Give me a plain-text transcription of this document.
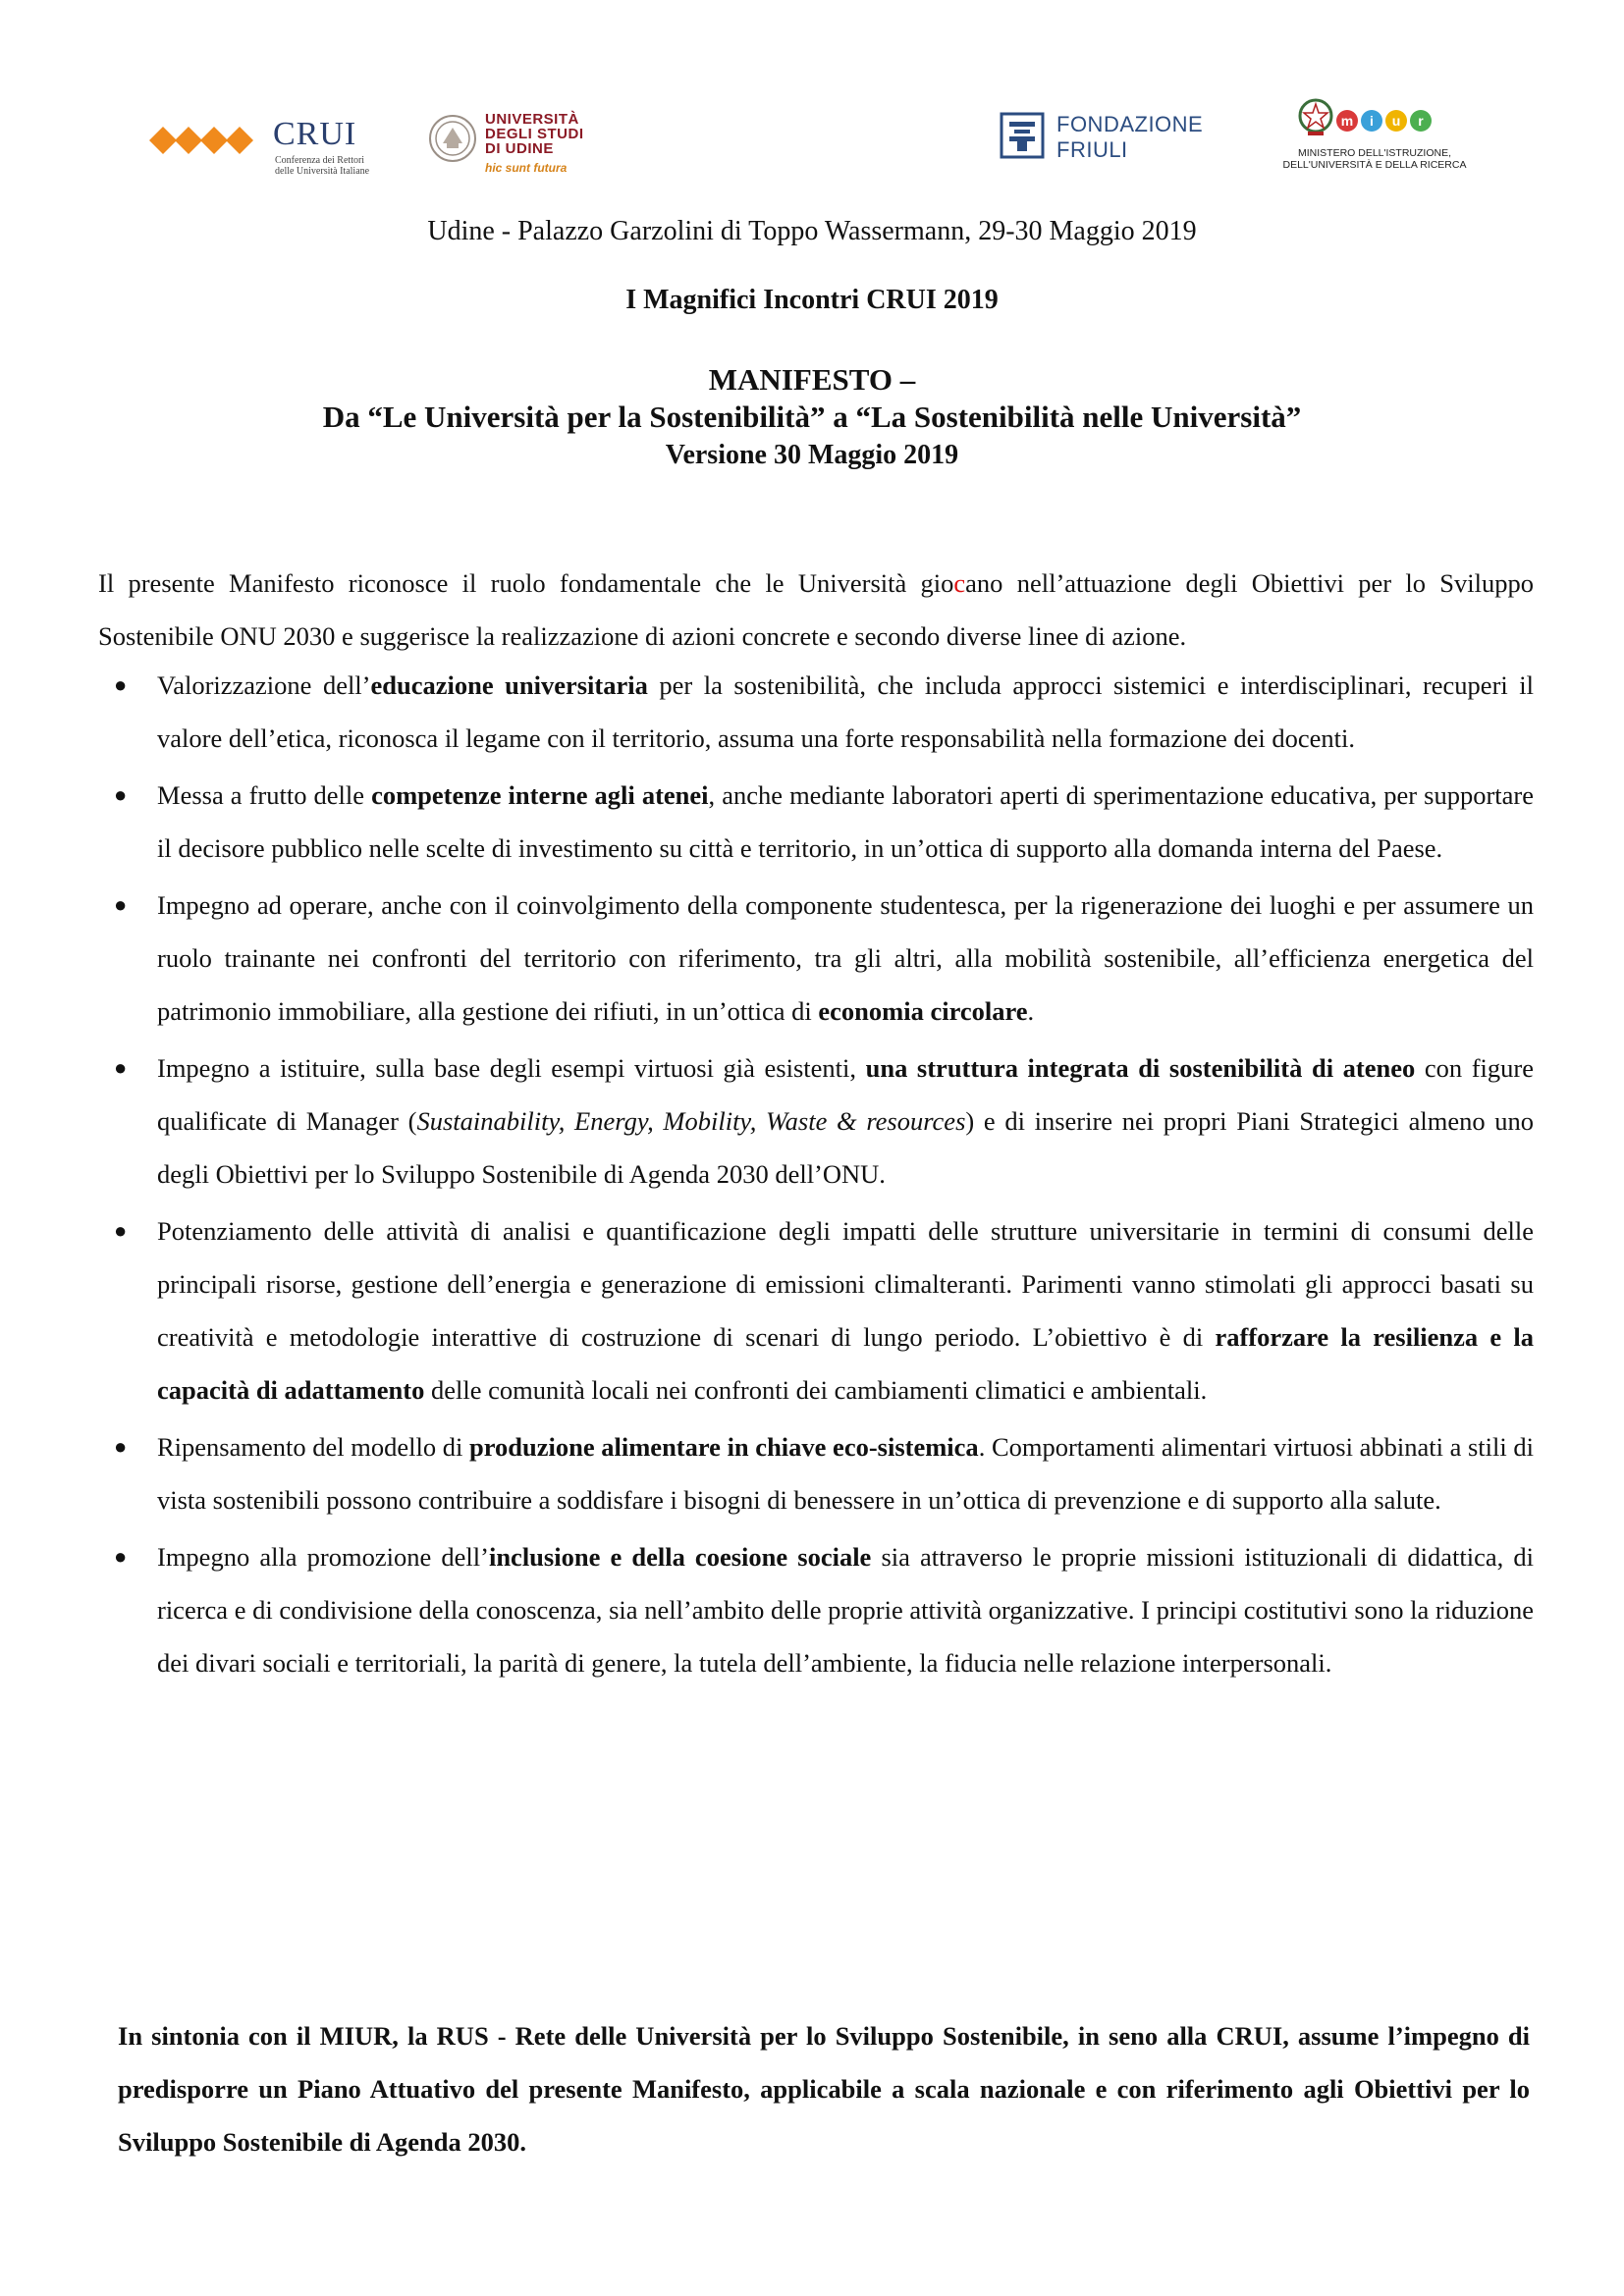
CRUI
Conferenza dei Rettori
delle Università Italiane
UNIVERSITÀ
DEGLI STUDI
DI UDINE
hic sunt futura
FONDAZIONE
FRIULI
m i u r
MINISTERO DELL'ISTRUZIONE,
DELL'UNIVERSITÀ E DELLA RICERCA
Udine - Palazzo Garzolini di Toppo Wassermann, 29-30 Maggio 2019
I Magnifici Incontri CRUI 2019
MANIFESTO –
Da “Le Università per la Sostenibilità” a “La Sostenibilità nelle Università”
Versione 30 Maggio 2019

Il presente Manifesto riconosce il ruolo fondamentale che le Università giocano nell’attuazione degli Obiettivi per lo Sviluppo Sostenibile ONU 2030 e suggerisce la realizzazione di azioni concrete e secondo diverse linee di azione.

● Valorizzazione dell’educazione universitaria per la sostenibilità, che includa approcci sistemici e interdisciplinari, recuperi il valore dell’etica, riconosca il legame con il territorio, assuma una forte responsabilità nella formazione dei docenti.
● Messa a frutto delle competenze interne agli atenei, anche mediante laboratori aperti di sperimentazione educativa, per supportare il decisore pubblico nelle scelte di investimento su città e territorio, in un’ottica di supporto alla domanda interna del Paese.
● Impegno ad operare, anche con il coinvolgimento della componente studentesca, per la rigenerazione dei luoghi e per assumere un ruolo trainante nei confronti del territorio con riferimento, tra gli altri, alla mobilità sostenibile, all’efficienza energetica del patrimonio immobiliare, alla gestione dei rifiuti, in un’ottica di economia circolare.
● Impegno a istituire, sulla base degli esempi virtuosi già esistenti, una struttura integrata di sostenibilità di ateneo con figure qualificate di Manager (Sustainability, Energy, Mobility, Waste & resources) e di inserire nei propri Piani Strategici almeno uno degli Obiettivi per lo Sviluppo Sostenibile di Agenda 2030 dell’ONU.
● Potenziamento delle attività di analisi e quantificazione degli impatti delle strutture universitarie in termini di consumi delle principali risorse, gestione dell’energia e generazione di emissioni climalteranti. Parimenti vanno stimolati gli approcci basati su creatività e metodologie interattive di costruzione di scenari di lungo periodo. L’obiettivo è di rafforzare la resilienza e la capacità di adattamento delle comunità locali nei confronti dei cambiamenti climatici e ambientali.
● Ripensamento del modello di produzione alimentare in chiave eco-sistemica. Comportamenti alimentari virtuosi abbinati a stili di vista sostenibili possono contribuire a soddisfare i bisogni di benessere in un’ottica di prevenzione e di supporto alla salute.
● Impegno alla promozione dell’inclusione e della coesione sociale sia attraverso le proprie missioni istituzionali di didattica, di ricerca e di condivisione della conoscenza, sia nell’ambito delle proprie attività organizzative. I principi costitutivi sono la riduzione dei divari sociali e territoriali, la parità di genere, la tutela dell’ambiente, la fiducia nelle relazione interpersonali.

In sintonia con il MIUR, la RUS - Rete delle Università per lo Sviluppo Sostenibile, in seno alla CRUI, assume l’impegno di predisporre un Piano Attuativo del presente Manifesto, applicabile a scala nazionale e con riferimento agli Obiettivi per lo Sviluppo Sostenibile di Agenda 2030.
